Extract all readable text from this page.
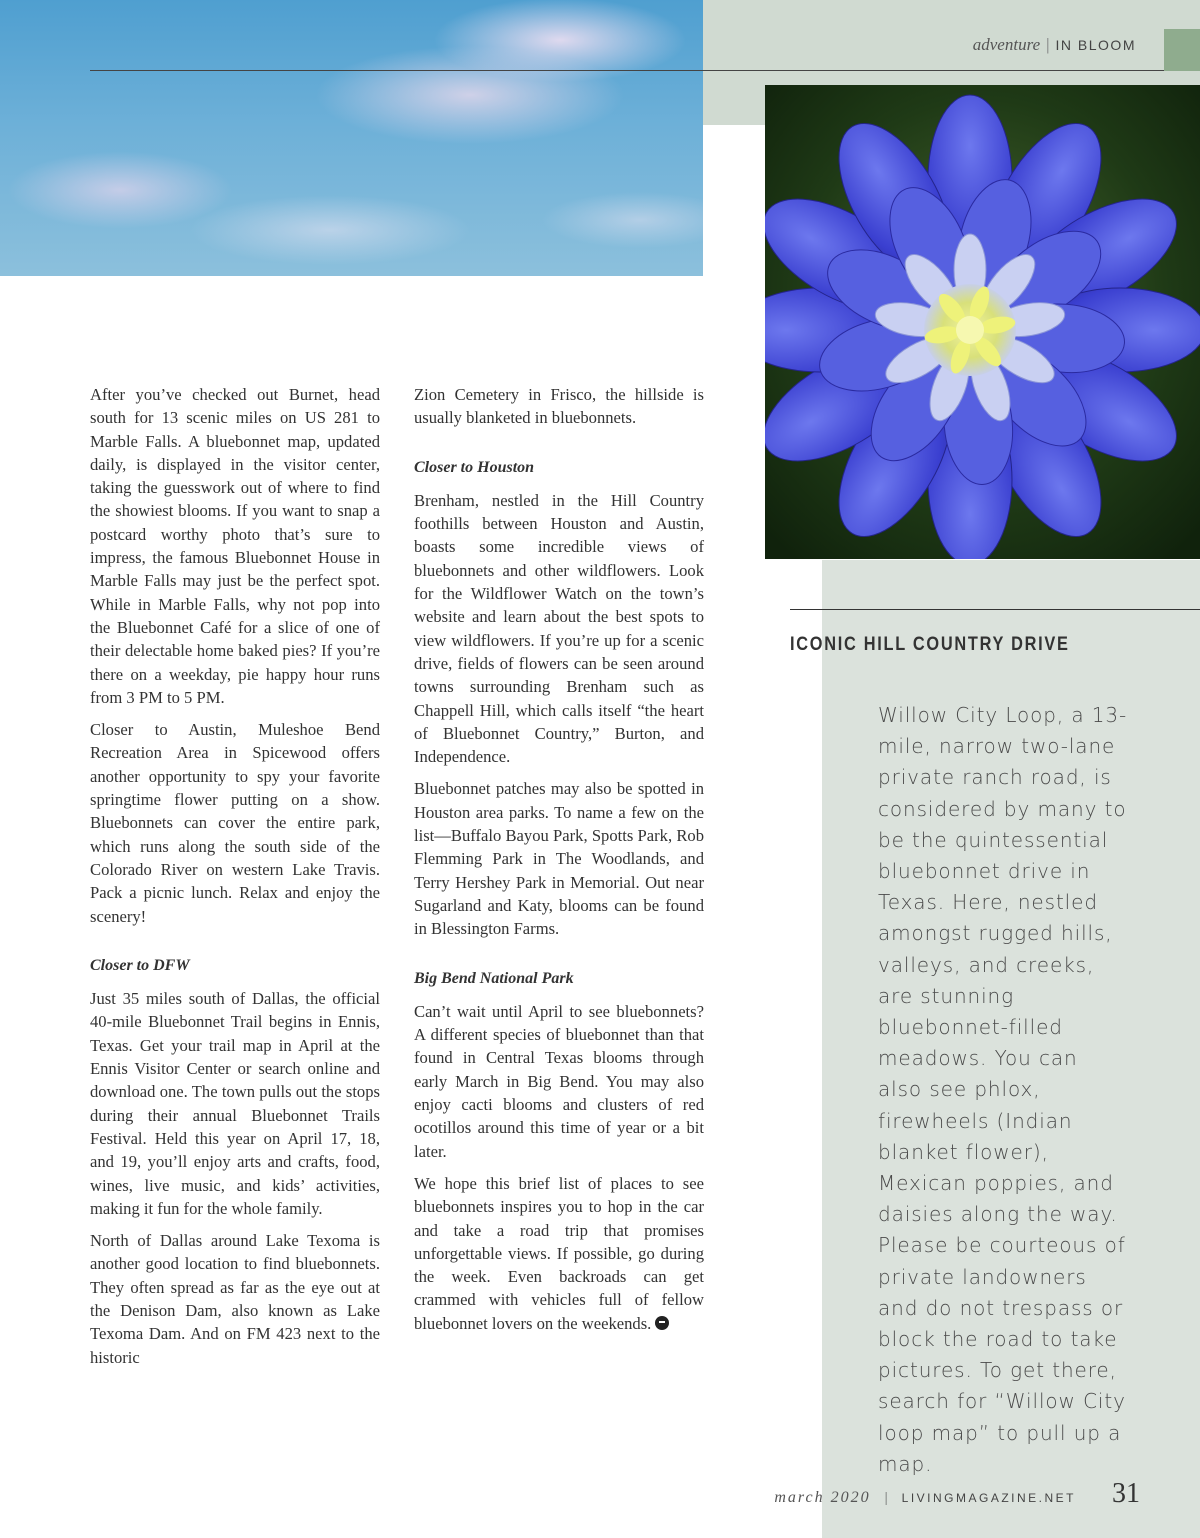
adventure | IN BLOOM

After you’ve checked out Burnet, head south for 13 scenic miles on US 281 to Marble Falls. A bluebonnet map, updated daily, is displayed in the visitor center, taking the guesswork out of where to find the showiest blooms. If you want to snap a postcard worthy photo that’s sure to impress, the famous Bluebonnet House in Marble Falls may just be the perfect spot. While in Marble Falls, why not pop into the Bluebonnet Café for a slice of one of their delectable home baked pies? If you’re there on a weekday, pie happy hour runs from 3 PM to 5 PM.

Closer to Austin, Muleshoe Bend Recreation Area in Spicewood offers another opportunity to spy your favorite springtime flower putting on a show. Bluebonnets can cover the entire park, which runs along the south side of the Colorado River on western Lake Travis. Pack a picnic lunch. Relax and enjoy the scenery!

Closer to DFW

Just 35 miles south of Dallas, the official 40-mile Bluebonnet Trail begins in Ennis, Texas. Get your trail map in April at the Ennis Visitor Center or search online and download one. The town pulls out the stops during their annual Bluebonnet Trails Festival. Held this year on April 17, 18, and 19, you’ll enjoy arts and crafts, food, wines, live music, and kids’ activities, making it fun for the whole family.

North of Dallas around Lake Texoma is another good location to find bluebonnets. They often spread as far as the eye out at the Denison Dam, also known as Lake Texoma Dam. And on FM 423 next to the historic

Zion Cemetery in Frisco, the hillside is usually blanketed in bluebonnets.

Closer to Houston

Brenham, nestled in the Hill Country foothills between Houston and Austin, boasts some incredible views of bluebonnets and other wildflowers. Look for the Wildflower Watch on the town’s website and learn about the best spots to view wildflowers. If you’re up for a scenic drive, fields of flowers can be seen around towns surrounding Brenham such as Chappell Hill, which calls itself “the heart of Bluebonnet Country,” Burton, and Independence.

Bluebonnet patches may also be spotted in Houston area parks. To name a few on the list—Buffalo Bayou Park, Spotts Park, Rob Flemming Park in The Woodlands, and Terry Hershey Park in Memorial. Out near Sugarland and Katy, blooms can be found in Blessington Farms.

Big Bend National Park

Can’t wait until April to see bluebonnets? A different species of bluebonnet than that found in Central Texas blooms through early March in Big Bend. You may also enjoy cacti blooms and clusters of red ocotillos around this time of year or a bit later.

We hope this brief list of places to see bluebonnets inspires you to hop in the car and take a road trip that promises unforgettable views. If possible, go during the week. Even backroads can get crammed with vehicles full of fellow bluebonnet lovers on the weekends.

ICONIC HILL COUNTRY DRIVE
Willow City Loop, a 13-mile, narrow two-lane private ranch road, is considered by many to be the quintessential bluebonnet drive in Texas. Here, nestled amongst rugged hills, valleys, and creeks, are stunning bluebonnet-filled meadows. You can also see phlox, firewheels (Indian blanket flower), Mexican poppies, and daisies along the way. Please be courteous of private landowners and do not trespass or block the road to take pictures. To get there, search for “Willow City loop map” to pull up a map.
march 2020 | LIVINGMAGAZINE.NET 31
